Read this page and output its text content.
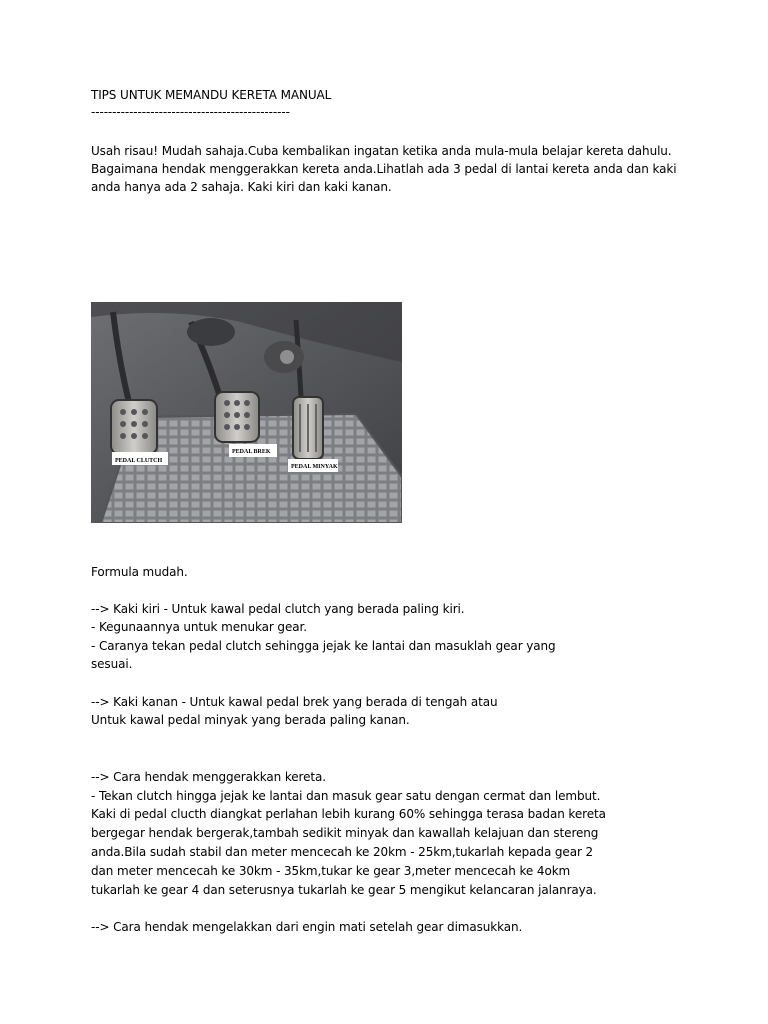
TIPS UNTUK MEMANDU KERETA MANUAL
-----------------------------------------------
Usah risau! Mudah sahaja.Cuba kembalikan ingatan ketika anda mula-mula belajar kereta dahulu.
Bagaimana hendak menggerakkan kereta anda.Lihatlah ada 3 pedal di lantai kereta anda dan kaki
anda hanya ada 2 sahaja. Kaki kiri dan kaki kanan.
PEDAL CLUTCH
PEDAL BREK
PEDAL MINYAK
Formula mudah.
--> Kaki kiri - Untuk kawal pedal clutch yang berada paling kiri.
- Kegunaannya untuk menukar gear.
- Caranya tekan pedal clutch sehingga jejak ke lantai dan masuklah gear yang
sesuai.
--> Kaki kanan - Untuk kawal pedal brek yang berada di tengah atau
Untuk kawal pedal minyak yang berada paling kanan.
--> Cara hendak menggerakkan kereta.
- Tekan clutch hingga jejak ke lantai dan masuk gear satu dengan cermat dan lembut.
Kaki di pedal clucth diangkat perlahan lebih kurang 60% sehingga terasa badan kereta
bergegar hendak bergerak,tambah sedikit minyak dan kawallah kelajuan dan stereng
anda.Bila sudah stabil dan meter mencecah ke 20km - 25km,tukarlah kepada gear 2
dan meter mencecah ke 30km - 35km,tukar ke gear 3,meter mencecah ke 4okm
tukarlah ke gear 4 dan seterusnya tukarlah ke gear 5 mengikut kelancaran jalanraya.
--> Cara hendak mengelakkan dari engin mati setelah gear dimasukkan.
